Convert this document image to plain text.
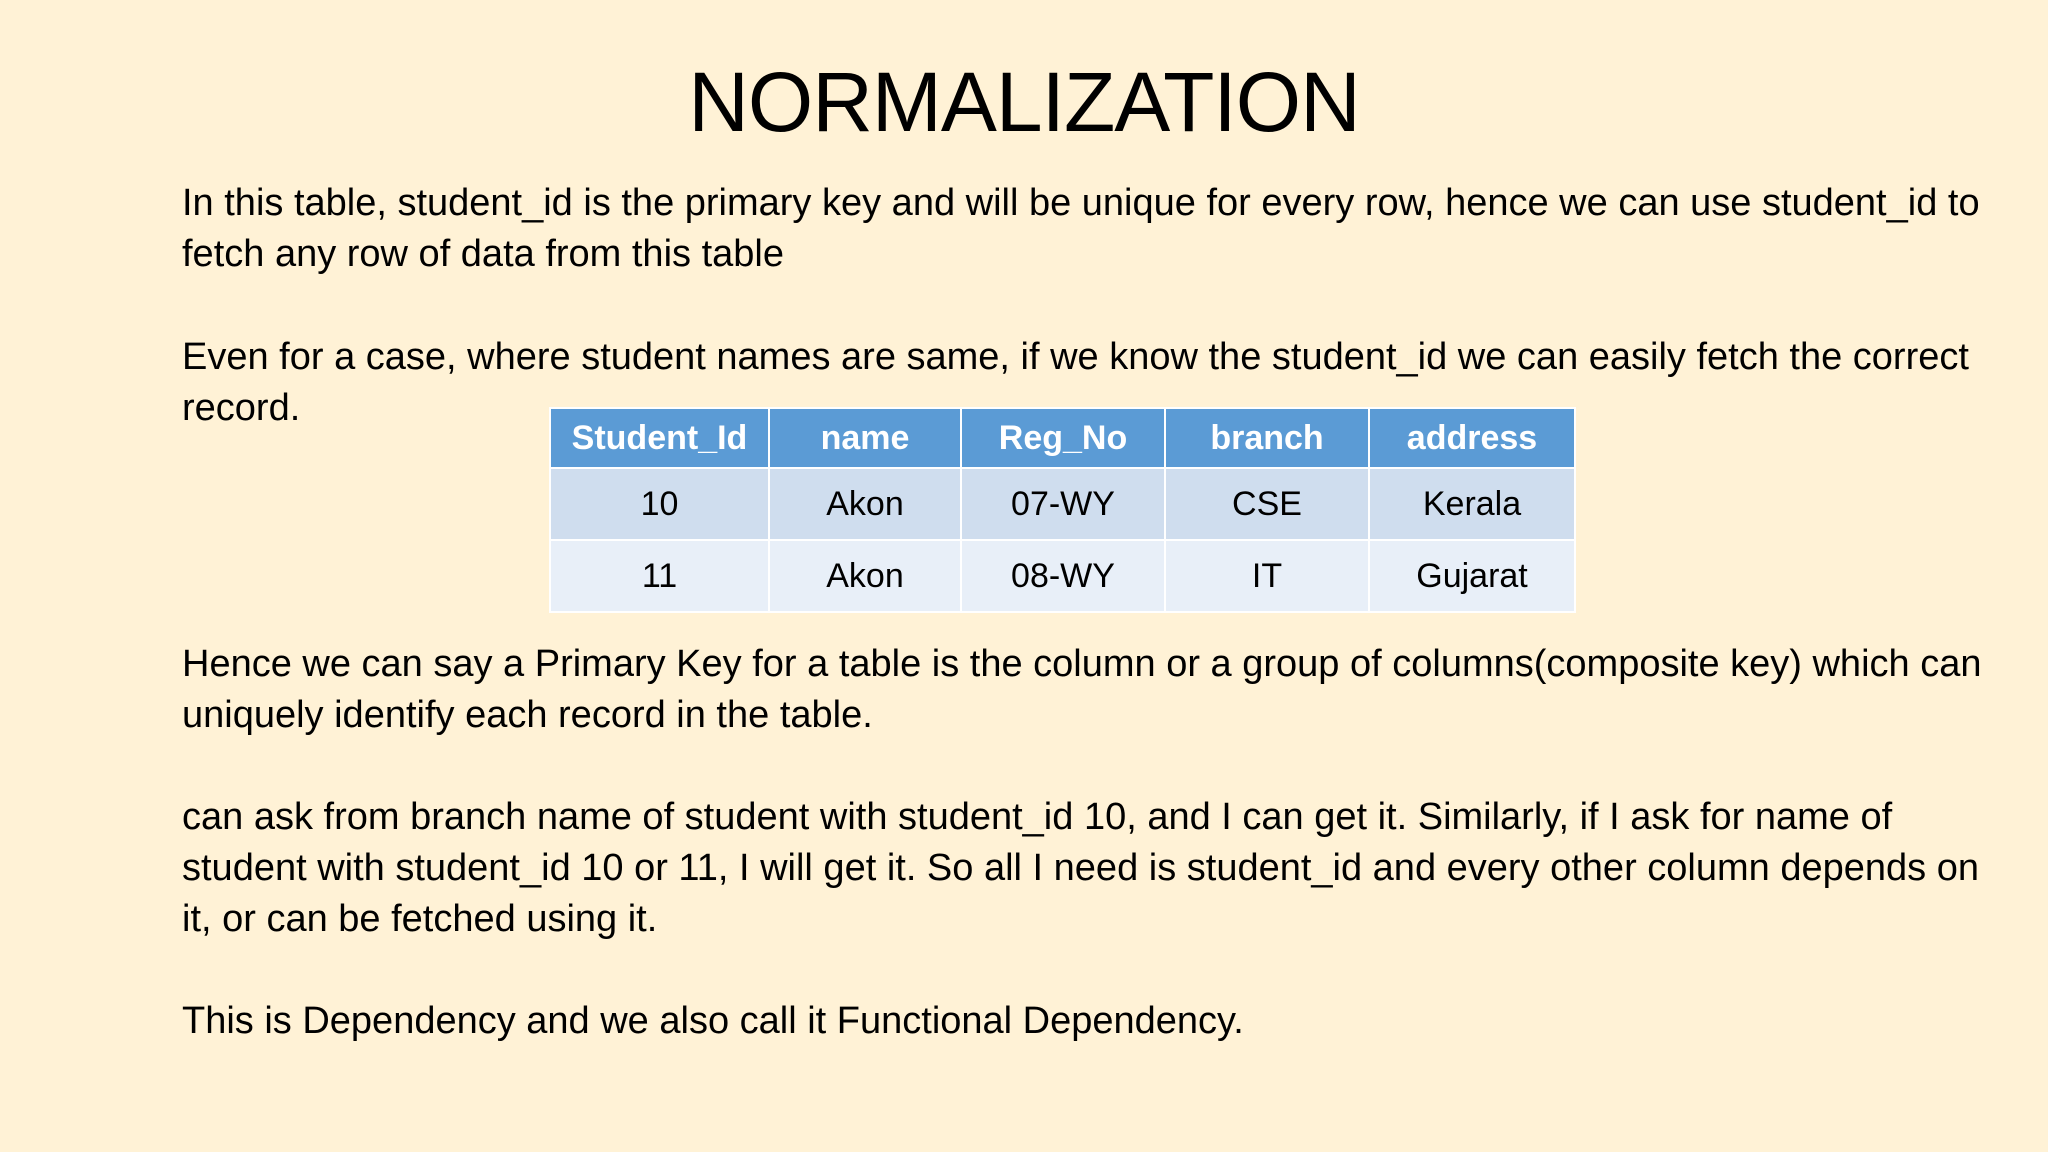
NORMALIZATION

In this table, student_id is the primary key and will be unique for every row, hence we can use student_id to fetch any row of data from this table

Even for a case, where student names are same, if we know the student_id we can easily fetch the correct record.

Student_Id	name	Reg_No	branch	address
10	Akon	07-WY	CSE	Kerala
11	Akon	08-WY	IT	Gujarat

Hence we can say a Primary Key for a table is the column or a group of columns(composite key) which can uniquely identify each record in the table.

can ask from branch name of student with student_id 10, and I can get it. Similarly, if I ask for name of student with student_id 10 or 11, I will get it. So all I need is student_id and every other column depends on it, or can be fetched using it.

This is Dependency and we also call it Functional Dependency.
